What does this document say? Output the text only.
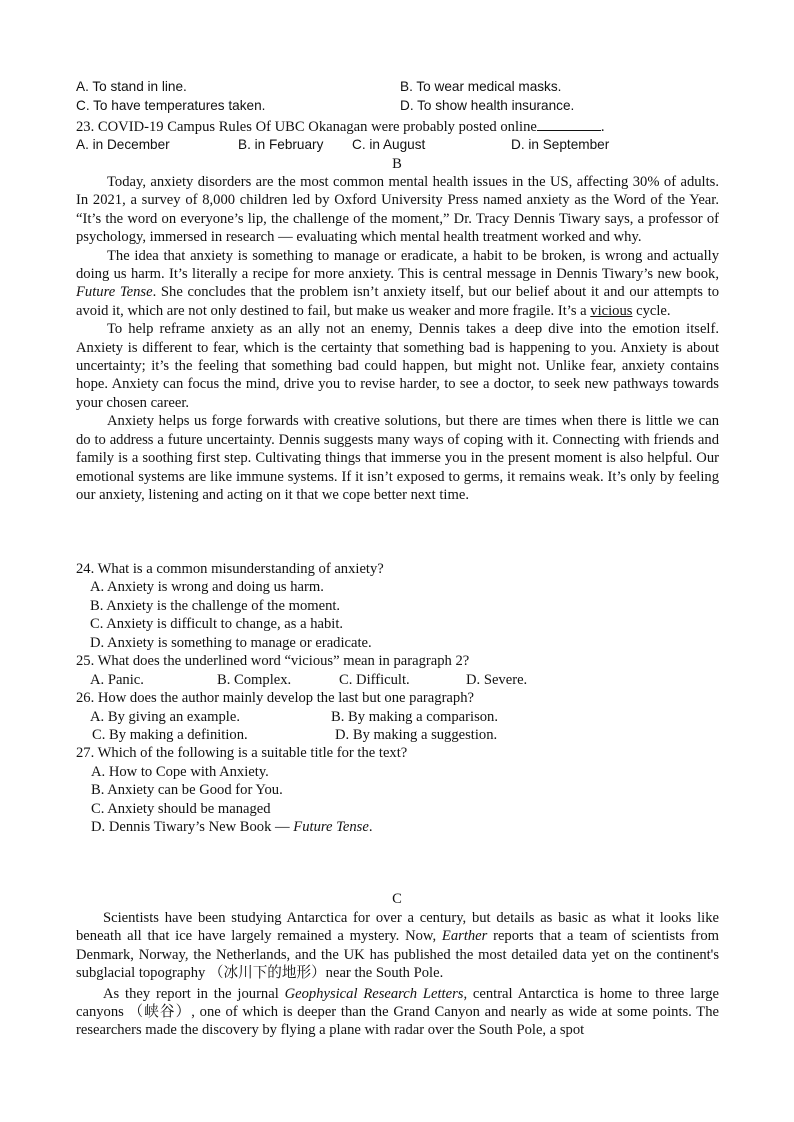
A. To stand in line.	B. To wear medical masks.
C. To have temperatures taken.	D. To show health insurance.
23. COVID-19 Campus Rules Of UBC Okanagan were probably posted online	.
A. in December	B. in February C. in August	D. in September
B

Today, anxiety disorders are the most common mental health issues in the US, affecting 30% of adults. In 2021, a survey of 8,000 children led by Oxford University Press named anxiety as the Word of the Year. “It’s the word on everyone’s lip, the challenge of the moment,” Dr. Tracy Dennis Tiwary says, a professor of psychology, immersed in research — evaluating which mental health treatment worked and why.

The idea that anxiety is something to manage or eradicate, a habit to be broken, is wrong and actually doing us harm. It’s literally a recipe for more anxiety. This is central message in Dennis Tiwary’s new book, Future Tense. She concludes that the problem isn’t anxiety itself, but our belief about it and our attempts to avoid it, which are not only destined to fail, but make us weaker and more fragile. It’s a vicious cycle.

To help reframe anxiety as an ally not an enemy, Dennis takes a deep dive into the emotion itself. Anxiety is different to fear, which is the certainty that something bad is happening to you. Anxiety is about uncertainty; it’s the feeling that something bad could happen, but might not. Unlike fear, anxiety contains hope. Anxiety can focus the mind, drive you to revise harder, to see a doctor, to seek new pathways towards your chosen career.

Anxiety helps us forge forwards with creative solutions, but there are times when there is little we can do to address a future uncertainty. Dennis suggests many ways of coping with it. Connecting with friends and family is a soothing first step. Cultivating things that immerse you in the present moment is also helpful. Our emotional systems are like immune systems. If it isn’t exposed to germs, it remains weak. It’s only by feeling our anxiety, listening and acting on it that we cope better next time.

24. What is a common misunderstanding of anxiety?
A. Anxiety is wrong and doing us harm.
B. Anxiety is the challenge of the moment.
C. Anxiety is difficult to change, as a habit.
D. Anxiety is something to manage or eradicate.
25. What does the underlined word “vicious” mean in paragraph 2?
A. Panic.	B. Complex.	C. Difficult.	D. Severe.
26. How does the author mainly develop the last but one paragraph?
A. By giving an example.	B. By making a comparison.
C. By making a definition.	D. By making a suggestion.
27. Which of the following is a suitable title for the text?
A. How to Cope with Anxiety.
B. Anxiety can be Good for You.
C. Anxiety should be managed
D. Dennis Tiwary’s New Book — Future Tense.
C

Scientists have been studying Antarctica for over a century, but details as basic as what it looks like beneath all that ice have largely remained a mystery. Now, Earther reports that a team of scientists from Denmark, Norway, the Netherlands, and the UK has published the most detailed data yet on the continent's subglacial topography （冰川下的地形）near the South Pole.

As they report in the journal Geophysical Research Letters, central Antarctica is home to three large canyons （峡谷）, one of which is deeper than the Grand Canyon and nearly as wide at some points. The researchers made the discovery by flying a plane with radar over the South Pole, a spot
